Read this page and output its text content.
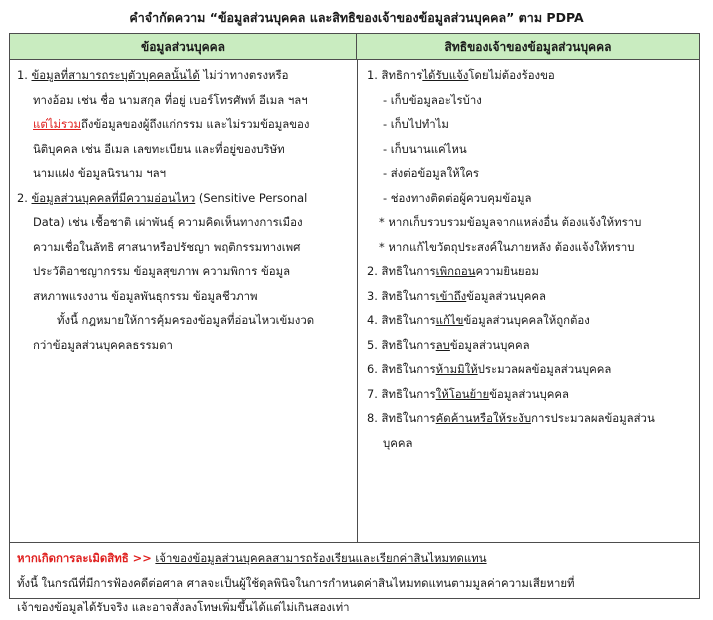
คำจำกัดความ “ข้อมูลส่วนบุคคล และสิทธิของเจ้าของข้อมูลส่วนบุคคล” ตาม PDPA
ข้อมูลส่วนบุคคล	สิทธิของเจ้าของข้อมูลส่วนบุคคล
1. ข้อมูลที่สามารถระบุตัวบุคคลนั้นได้ ไม่ว่าทางตรงหรือ
ทางอ้อม เช่น ชื่อ นามสกุล ที่อยู่ เบอร์โทรศัพท์ อีเมล ฯลฯ
แต่ไม่รวมถึงข้อมูลของผู้ถึงแก่กรรม และไม่รวมข้อมูลของ
นิติบุคคล เช่น อีเมล เลขทะเบียน และที่อยู่ของบริษัท
นามแฝง ข้อมูลนิรนาม ฯลฯ
2. ข้อมูลส่วนบุคคลที่มีความอ่อนไหว (Sensitive Personal
Data) เช่น เชื้อชาติ เผ่าพันธุ์ ความคิดเห็นทางการเมือง
ความเชื่อในลัทธิ ศาสนาหรือปรัชญา พฤติกรรมทางเพศ
ประวัติอาชญากรรม ข้อมูลสุขภาพ ความพิการ ข้อมูล
สหภาพแรงงาน ข้อมูลพันธุกรรม ข้อมูลชีวภาพ
ทั้งนี้ กฎหมายให้การคุ้มครองข้อมูลที่อ่อนไหวเข้มงวด
กว่าข้อมูลส่วนบุคคลธรรมดา
1. สิทธิการได้รับแจ้งโดยไม่ต้องร้องขอ
- เก็บข้อมูลอะไรบ้าง
- เก็บไปทำไม
- เก็บนานแค่ไหน
- ส่งต่อข้อมูลให้ใคร
- ช่องทางติดต่อผู้ควบคุมข้อมูล
* หากเก็บรวบรวมข้อมูลจากแหล่งอื่น ต้องแจ้งให้ทราบ
* หากแก้ไขวัตถุประสงค์ในภายหลัง ต้องแจ้งให้ทราบ
2. สิทธิในการเพิกถอนความยินยอม
3. สิทธิในการเข้าถึงข้อมูลส่วนบุคคล
4. สิทธิในการแก้ไขข้อมูลส่วนบุคคลให้ถูกต้อง
5. สิทธิในการลบข้อมูลส่วนบุคคล
6. สิทธิในการห้ามมิให้ประมวลผลข้อมูลส่วนบุคคล
7. สิทธิในการให้โอนย้ายข้อมูลส่วนบุคคล
8. สิทธิในการคัดค้านหรือให้ระงับการประมวลผลข้อมูลส่วน
บุคคล
หากเกิดการละเมิดสิทธิ >> เจ้าของข้อมูลส่วนบุคคลสามารถร้องเรียนและเรียกค่าสินไหมทดแทน
ทั้งนี้ ในกรณีที่มีการฟ้องคดีต่อศาล ศาลจะเป็นผู้ใช้ดุลพินิจในการกำหนดค่าสินไหมทดแทนตามมูลค่าความเสียหายที่
เจ้าของข้อมูลได้รับจริง และอาจสั่งลงโทษเพิ่มขึ้นได้แต่ไม่เกินสองเท่า
